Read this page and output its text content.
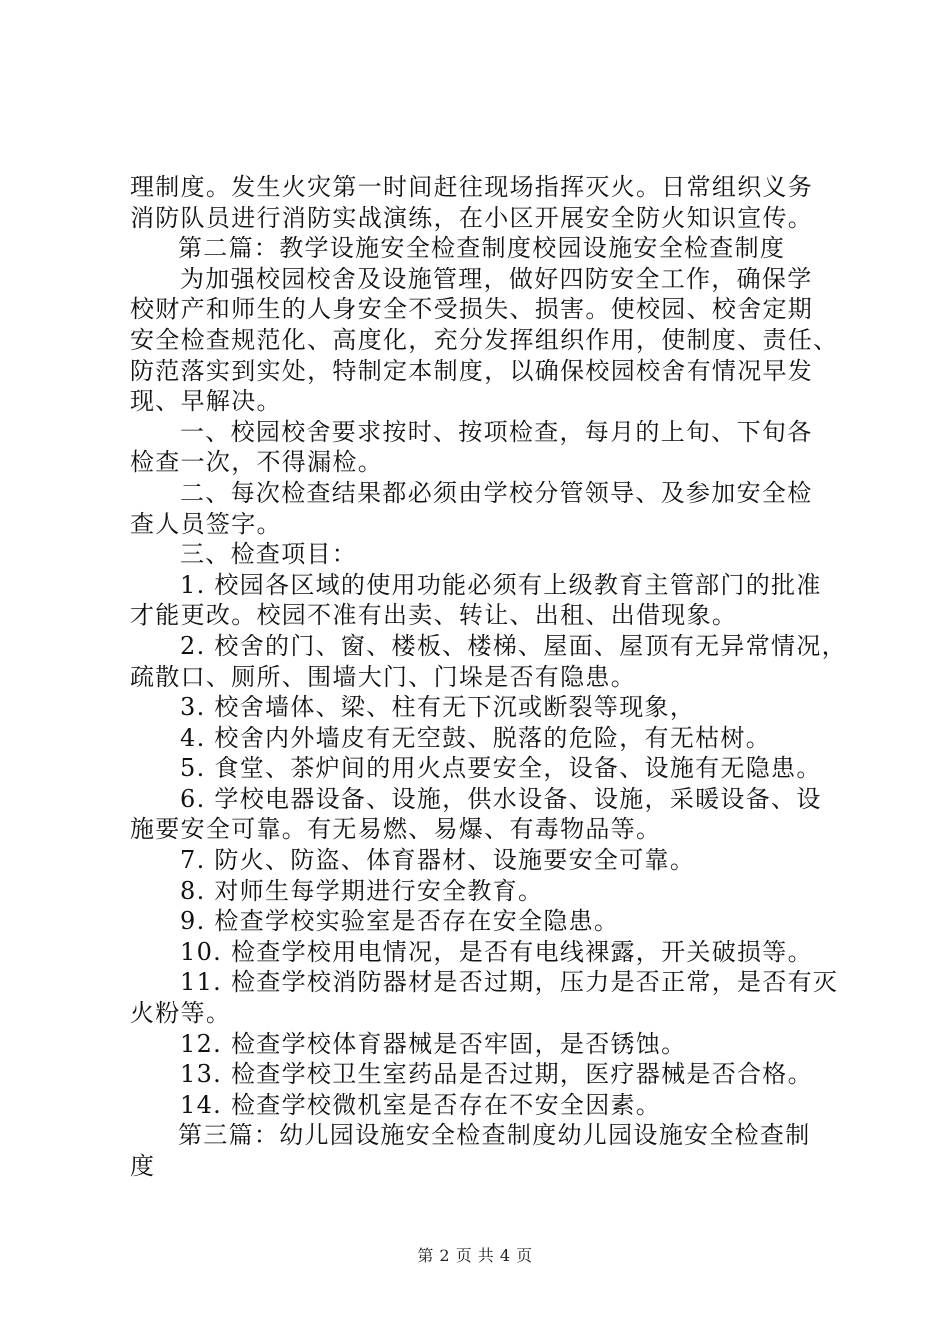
理制度。发生火灾第一时间赶往现场指挥灭火。日常组织义务
消防队员进行消防实战演练，在小区开展安全防火知识宣传。
第二篇：教学设施安全检查制度校园设施安全检查制度
为加强校园校舍及设施管理，做好四防安全工作，确保学
校财产和师生的人身安全不受损失、损害。使校园、校舍定期
安全检查规范化、高度化，充分发挥组织作用，使制度、责任、
防范落实到实处，特制定本制度，以确保校园校舍有情况早发
现、早解决。
一、校园校舍要求按时、按项检查，每月的上旬、下旬各
检查一次，不得漏检。
二、每次检查结果都必须由学校分管领导、及参加安全检
查人员签字。
三、检查项目：
1. 校园各区域的使用功能必须有上级教育主管部门的批准
才能更改。校园不准有出卖、转让、出租、出借现象。
2. 校舍的门、窗、楼板、楼梯、屋面、屋顶有无异常情况，
疏散口、厕所、围墙大门、门垛是否有隐患。
3. 校舍墙体、梁、柱有无下沉或断裂等现象，
4. 校舍内外墙皮有无空鼓、脱落的危险，有无枯树。
5. 食堂、茶炉间的用火点要安全，设备、设施有无隐患。
6. 学校电器设备、设施，供水设备、设施，采暖设备、设
施要安全可靠。有无易燃、易爆、有毒物品等。
7. 防火、防盗、体育器材、设施要安全可靠。
8. 对师生每学期进行安全教育。
9. 检查学校实验室是否存在安全隐患。
10. 检查学校用电情况，是否有电线裸露，开关破损等。
11. 检查学校消防器材是否过期，压力是否正常，是否有灭
火粉等。
12. 检查学校体育器械是否牢固，是否锈蚀。
13. 检查学校卫生室药品是否过期，医疗器械是否合格。
14. 检查学校微机室是否存在不安全因素。
第三篇：幼儿园设施安全检查制度幼儿园设施安全检查制
度
第 2 页 共 4 页
